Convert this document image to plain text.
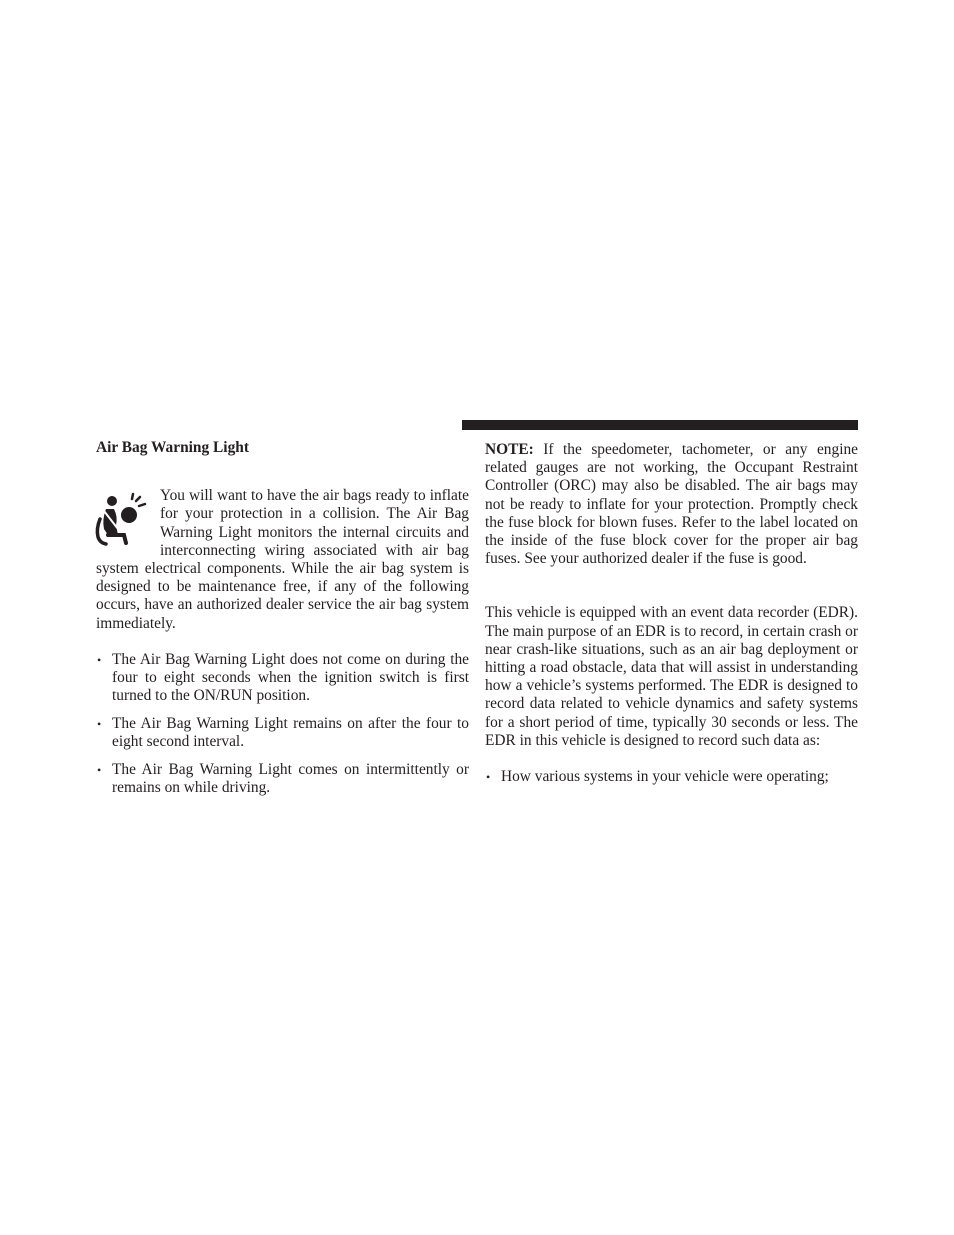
Air Bag Warning Light

You will want to have the air bags ready to inflate for your protection in a collision. The Air Bag Warning Light monitors the internal circuits and interconnecting wiring associated with air bag system electrical components. While the air bag system is designed to be maintenance free, if any of the following occurs, have an authorized dealer service the air bag system immediately.

• The Air Bag Warning Light does not come on during the four to eight seconds when the ignition switch is first turned to the ON/RUN position.
• The Air Bag Warning Light remains on after the four to eight second interval.
• The Air Bag Warning Light comes on intermittently or remains on while driving.

NOTE: If the speedometer, tachometer, or any engine related gauges are not working, the Occupant Restraint Controller (ORC) may also be disabled. The air bags may not be ready to inflate for your protection. Promptly check the fuse block for blown fuses. Refer to the label located on the inside of the fuse block cover for the proper air bag fuses. See your authorized dealer if the fuse is good.

This vehicle is equipped with an event data recorder (EDR). The main purpose of an EDR is to record, in certain crash or near crash-like situations, such as an air bag deployment or hitting a road obstacle, data that will assist in understanding how a vehicle’s systems performed. The EDR is designed to record data related to vehicle dynamics and safety systems for a short period of time, typically 30 seconds or less. The EDR in this vehicle is designed to record such data as:

• How various systems in your vehicle were operating;
